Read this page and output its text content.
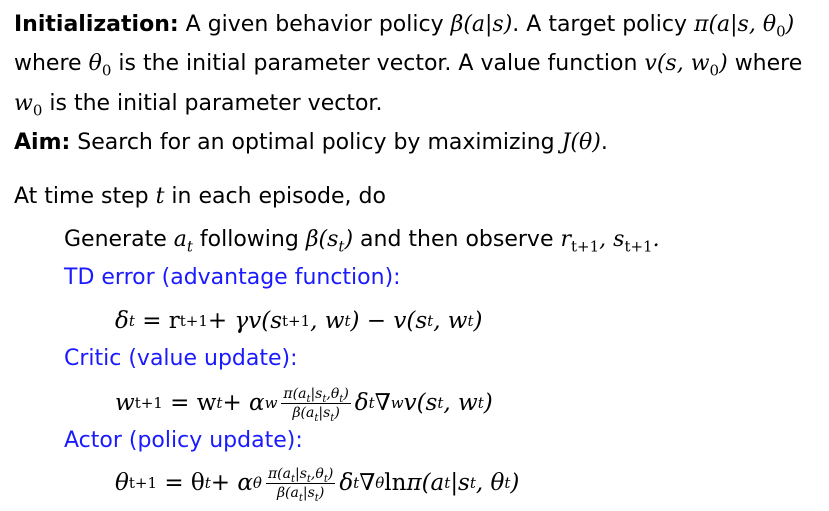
Initialization: A given behavior policy β(a|s). A target policy π(a|s, $\theta_0$)
where $\theta_0$ is the initial parameter vector. A value function v(s, $w_0$) where
$w_0$ is the initial parameter vector.
Aim: Search for an optimal policy by maximizing J(θ).
At time step t in each episode, do
Generate $a_t$ following $\beta(s_t)$ and then observe $r_{t+1}$, $s_{t+1}$.
TD error (advantage function):
δ t
= r t+1 + γv(s t+1 , w t ) − v(s t , w t )
Critic (value update):
w t+1
= w t + α w $\frac{\pi(a_t|s_t,\theta_t)}{\beta(a_t|s_t)}$ δ t ∇ w v(s t , w t )
Actor (policy update):
θ t+1
= θ t + α θ $\frac{\pi(a_t|s_t,\theta_t)}{\beta(a_t|s_t)}$ δ t ∇ θ ln π(a t |s t , θ t )
